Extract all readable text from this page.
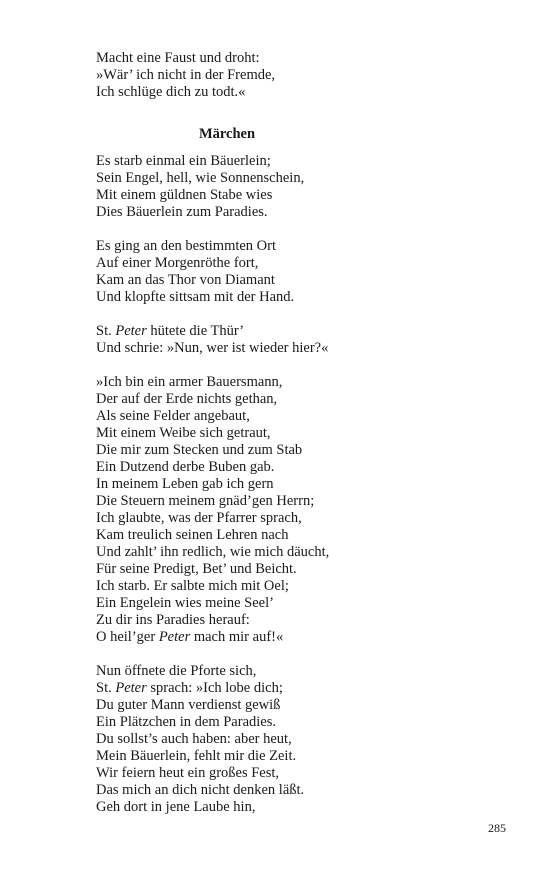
Macht eine Faust und droht:
»Wär’ ich nicht in der Fremde,
Ich schlüge dich zu todt.«
Märchen
Es starb einmal ein Bäuerlein;
Sein Engel, hell, wie Sonnenschein,
Mit einem güldnen Stabe wies
Dies Bäuerlein zum Paradies.
Es ging an den bestimmten Ort
Auf einer Morgenröthe fort,
Kam an das Thor von Diamant
Und klopfte sittsam mit der Hand.
St. Peter hütete die Thür’
Und schrie: »Nun, wer ist wieder hier?«
»Ich bin ein armer Bauersmann,
Der auf der Erde nichts gethan,
Als seine Felder angebaut,
Mit einem Weibe sich getraut,
Die mir zum Stecken und zum Stab
Ein Dutzend derbe Buben gab.
In meinem Leben gab ich gern
Die Steuern meinem gnäd’gen Herrn;
Ich glaubte, was der Pfarrer sprach,
Kam treulich seinen Lehren nach
Und zahlt’ ihn redlich, wie mich däucht,
Für seine Predigt, Bet’ und Beicht.
Ich starb. Er salbte mich mit Oel;
Ein Engelein wies meine Seel’
Zu dir ins Paradies herauf:
O heil’ger Peter mach mir auf!«
Nun öffnete die Pforte sich,
St. Peter sprach: »Ich lobe dich;
Du guter Mann verdienst gewiß
Ein Plätzchen in dem Paradies.
Du sollst’s auch haben: aber heut,
Mein Bäuerlein, fehlt mir die Zeit.
Wir feiern heut ein großes Fest,
Das mich an dich nicht denken läßt.
Geh dort in jene Laube hin,
285
